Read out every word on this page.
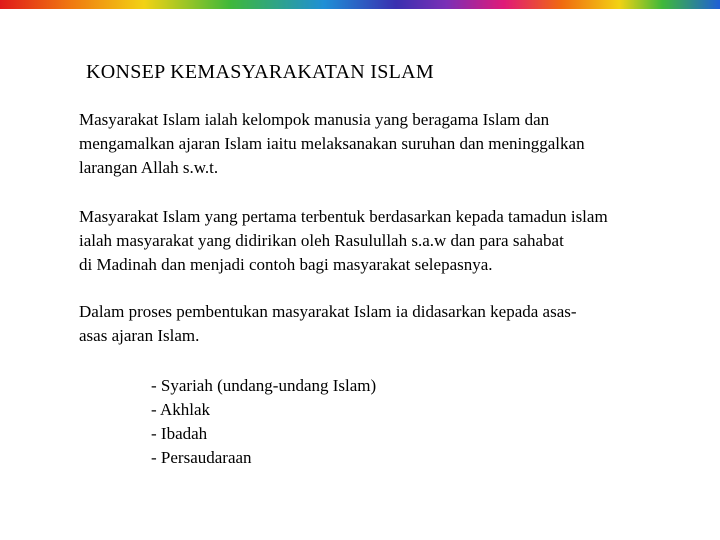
KONSEP KEMASYARAKATAN ISLAM
Masyarakat Islam ialah kelompok manusia yang beragama Islam dan
mengamalkan ajaran Islam iaitu melaksanakan suruhan dan meninggalkan
larangan Allah s.w.t.
Masyarakat Islam yang pertama terbentuk berdasarkan kepada tamadun islam
ialah masyarakat yang didirikan oleh Rasulullah s.a.w dan para sahabat
di Madinah dan menjadi contoh bagi masyarakat selepasnya.
Dalam proses pembentukan masyarakat Islam ia didasarkan kepada asas-
asas ajaran Islam.
- Syariah (undang-undang Islam)
- Akhlak
- Ibadah
- Persaudaraan
